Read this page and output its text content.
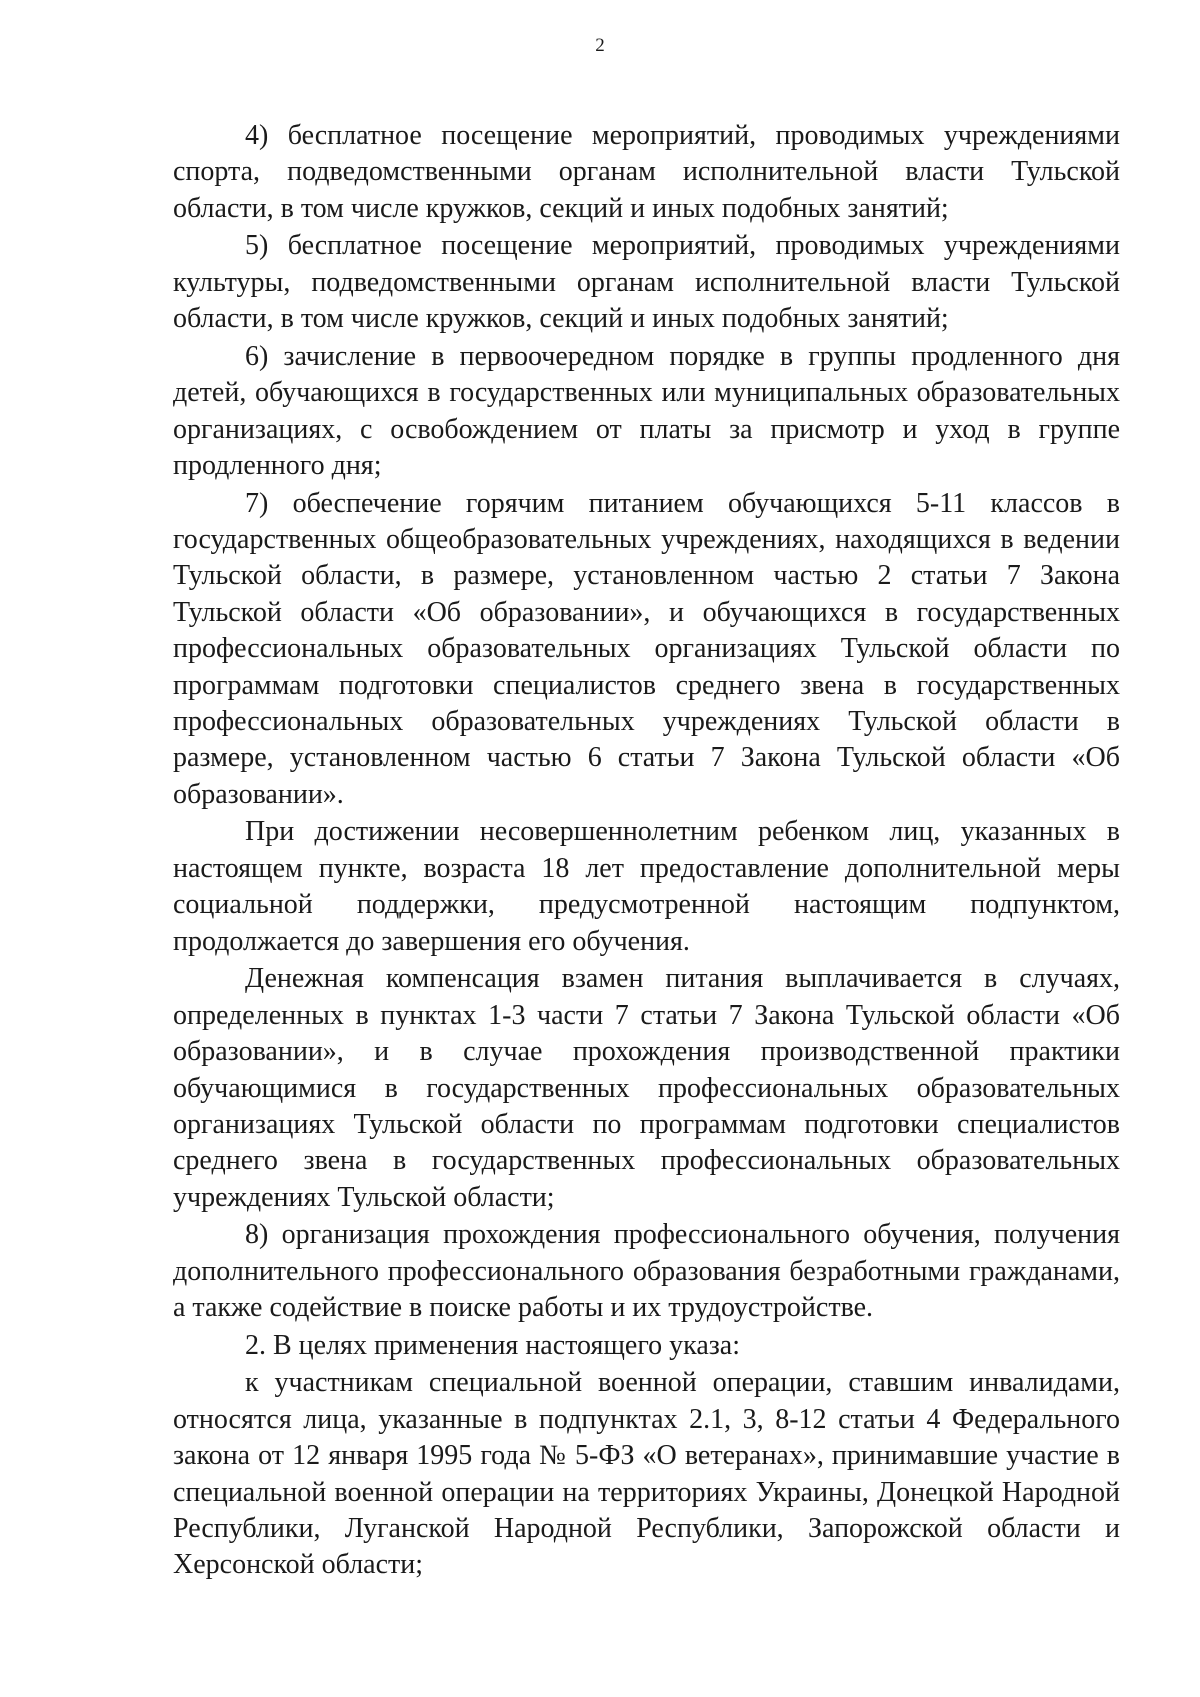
2

4) бесплатное посещение мероприятий, проводимых учреждениями спорта, подведомственными органам исполнительной власти Тульской области, в том числе кружков, секций и иных подобных занятий;

5) бесплатное посещение мероприятий, проводимых учреждениями культуры, подведомственными органам исполнительной власти Тульской области, в том числе кружков, секций и иных подобных занятий;

6) зачисление в первоочередном порядке в группы продленного дня детей, обучающихся в государственных или муниципальных образовательных организациях, с освобождением от платы за присмотр и уход в группе продленного дня;

7) обеспечение горячим питанием обучающихся 5-11 классов в государственных общеобразовательных учреждениях, находящихся в ведении Тульской области, в размере, установленном частью 2 статьи 7 Закона Тульской области «Об образовании», и обучающихся в государственных профессиональных образовательных организациях Тульской области по программам подготовки специалистов среднего звена в государственных профессиональных образовательных учреждениях Тульской области в размере, установленном частью 6 статьи 7 Закона Тульской области «Об образовании».

При достижении несовершеннолетним ребенком лиц, указанных в настоящем пункте, возраста 18 лет предоставление дополнительной меры социальной поддержки, предусмотренной настоящим подпунктом, продолжается до завершения его обучения.

Денежная компенсация взамен питания выплачивается в случаях, определенных в пунктах 1-3 части 7 статьи 7 Закона Тульской области «Об образовании», и в случае прохождения производственной практики обучающимися в государственных профессиональных образовательных организациях Тульской области по программам подготовки специалистов среднего звена в государственных профессиональных образовательных учреждениях Тульской области;

8) организация прохождения профессионального обучения, получения дополнительного профессионального образования безработными гражданами, а также содействие в поиске работы и их трудоустройстве.

2. В целях применения настоящего указа:

к участникам специальной военной операции, ставшим инвалидами, относятся лица, указанные в подпунктах 2.1, 3, 8-12 статьи 4 Федерального закона от 12 января 1995 года № 5-ФЗ «О ветеранах», принимавшие участие в специальной военной операции на территориях Украины, Донецкой Народной Республики, Луганской Народной Республики, Запорожской области и Херсонской области;
